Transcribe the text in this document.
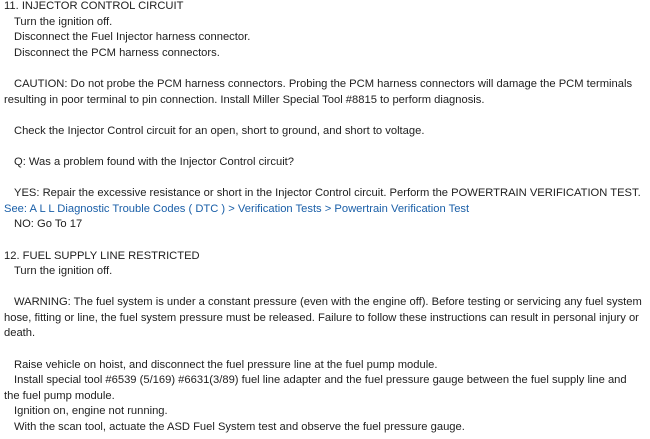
11. INJECTOR CONTROL CIRCUIT
Turn the ignition off.
Disconnect the Fuel Injector harness connector.
Disconnect the PCM harness connectors.
CAUTION: Do not probe the PCM harness connectors. Probing the PCM harness connectors will damage the PCM terminals resulting in poor terminal to pin connection. Install Miller Special Tool #8815 to perform diagnosis.
Check the Injector Control circuit for an open, short to ground, and short to voltage.
Q: Was a problem found with the Injector Control circuit?
YES: Repair the excessive resistance or short in the Injector Control circuit. Perform the POWERTRAIN VERIFICATION TEST.
See: A L L Diagnostic Trouble Codes ( DTC ) > Verification Tests > Powertrain Verification Test
NO: Go To 17
12. FUEL SUPPLY LINE RESTRICTED
Turn the ignition off.
WARNING: The fuel system is under a constant pressure (even with the engine off). Before testing or servicing any fuel system hose, fitting or line, the fuel system pressure must be released. Failure to follow these instructions can result in personal injury or death.
Raise vehicle on hoist, and disconnect the fuel pressure line at the fuel pump module.
Install special tool #6539 (5/169) #6631(3/89) fuel line adapter and the fuel pressure gauge between the fuel supply line and the fuel pump module.
Ignition on, engine not running.
With the scan tool, actuate the ASD Fuel System test and observe the fuel pressure gauge.
